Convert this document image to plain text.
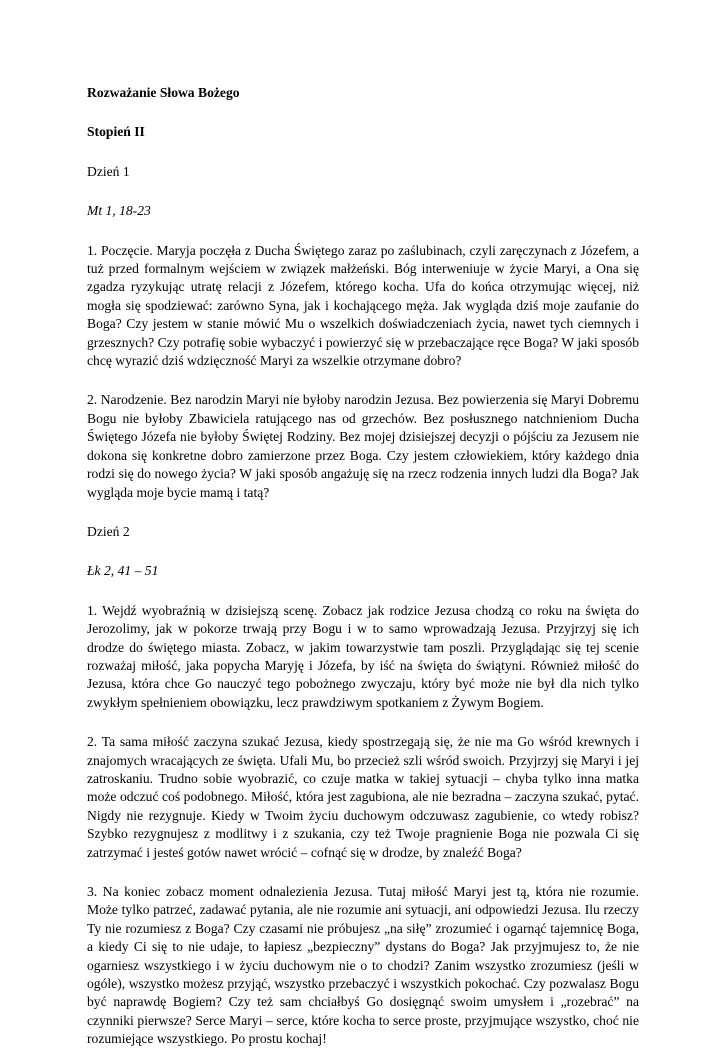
Rozważanie Słowa Bożego

Stopień II

Dzień 1

Mt 1, 18-23

1. Poczęcie. Maryja poczęła z Ducha Świętego zaraz po zaślubinach, czyli zaręczynach z Józefem, a tuż przed formalnym wejściem w związek małżeński. Bóg interweniuje w życie Maryi, a Ona się zgadza ryzykując utratę relacji z Józefem, którego kocha. Ufa do końca otrzymując więcej, niż mogła się spodziewać: zarówno Syna, jak i kochającego męża. Jak wygląda dziś moje zaufanie do Boga? Czy jestem w stanie mówić Mu o wszelkich doświadczeniach życia, nawet tych ciemnych i grzesznych? Czy potrafię sobie wybaczyć i powierzyć się w przebaczające ręce Boga? W jaki sposób chcę wyrazić dziś wdzięczność Maryi za wszelkie otrzymane dobro?

2. Narodzenie. Bez narodzin Maryi nie byłoby narodzin Jezusa. Bez powierzenia się Maryi Dobremu Bogu nie byłoby Zbawiciela ratującego nas od grzechów. Bez posłusznego natchnieniom Ducha Świętego Józefa nie byłoby Świętej Rodziny. Bez mojej dzisiejszej decyzji o pójściu za Jezusem nie dokona się konkretne dobro zamierzone przez Boga. Czy jestem człowiekiem, który każdego dnia rodzi się do nowego życia? W jaki sposób angażuję się na rzecz rodzenia innych ludzi dla Boga? Jak wygląda moje bycie mamą i tatą?

Dzień 2

Łk 2, 41 – 51

1. Wejdź wyobraźnią w dzisiejszą scenę. Zobacz jak rodzice Jezusa chodzą co roku na święta do Jerozolimy, jak w pokorze trwają przy Bogu i w to samo wprowadzają Jezusa. Przyjrzyj się ich drodze do świętego miasta. Zobacz, w jakim towarzystwie tam poszli. Przyglądając się tej scenie rozważaj miłość, jaka popycha Maryję i Józefa, by iść na święta do świątyni. Również miłość do Jezusa, która chce Go nauczyć tego pobożnego zwyczaju, który być może nie był dla nich tylko zwykłym spełnieniem obowiązku, lecz prawdziwym spotkaniem z Żywym Bogiem.

2. Ta sama miłość zaczyna szukać Jezusa, kiedy spostrzegają się, że nie ma Go wśród krewnych i znajomych wracających ze święta. Ufali Mu, bo przecież szli wśród swoich. Przyjrzyj się Maryi i jej zatroskaniu. Trudno sobie wyobrazić, co czuje matka w takiej sytuacji – chyba tylko inna matka może odczuć coś podobnego. Miłość, która jest zagubiona, ale nie bezradna – zaczyna szukać, pytać. Nigdy nie rezygnuje. Kiedy w Twoim życiu duchowym odczuwasz zagubienie, co wtedy robisz? Szybko rezygnujesz z modlitwy i z szukania, czy też Twoje pragnienie Boga nie pozwala Ci się zatrzymać i jesteś gotów nawet wrócić – cofnąć się w drodze, by znaleźć Boga?

3. Na koniec zobacz moment odnalezienia Jezusa. Tutaj miłość Maryi jest tą, która nie rozumie. Może tylko patrzeć, zadawać pytania, ale nie rozumie ani sytuacji, ani odpowiedzi Jezusa. Ilu rzeczy Ty nie rozumiesz z Boga? Czy czasami nie próbujesz „na siłę” zrozumieć i ogarnąć tajemnicę Boga, a kiedy Ci się to nie udaje, to łapiesz „bezpieczny” dystans do Boga? Jak przyjmujesz to, że nie ogarniesz wszystkiego i w życiu duchowym nie o to chodzi? Zanim wszystko zrozumiesz (jeśli w ogóle), wszystko możesz przyjąć, wszystko przebaczyć i wszystkich pokochać. Czy pozwalasz Bogu być naprawdę Bogiem? Czy też sam chciałbyś Go dosięgnąć swoim umysłem i „rozebrać” na czynniki pierwsze? Serce Maryi – serce, które kocha to serce proste, przyjmujące wszystko, choć nie rozumiejące wszystkiego. Po prostu kochaj!
